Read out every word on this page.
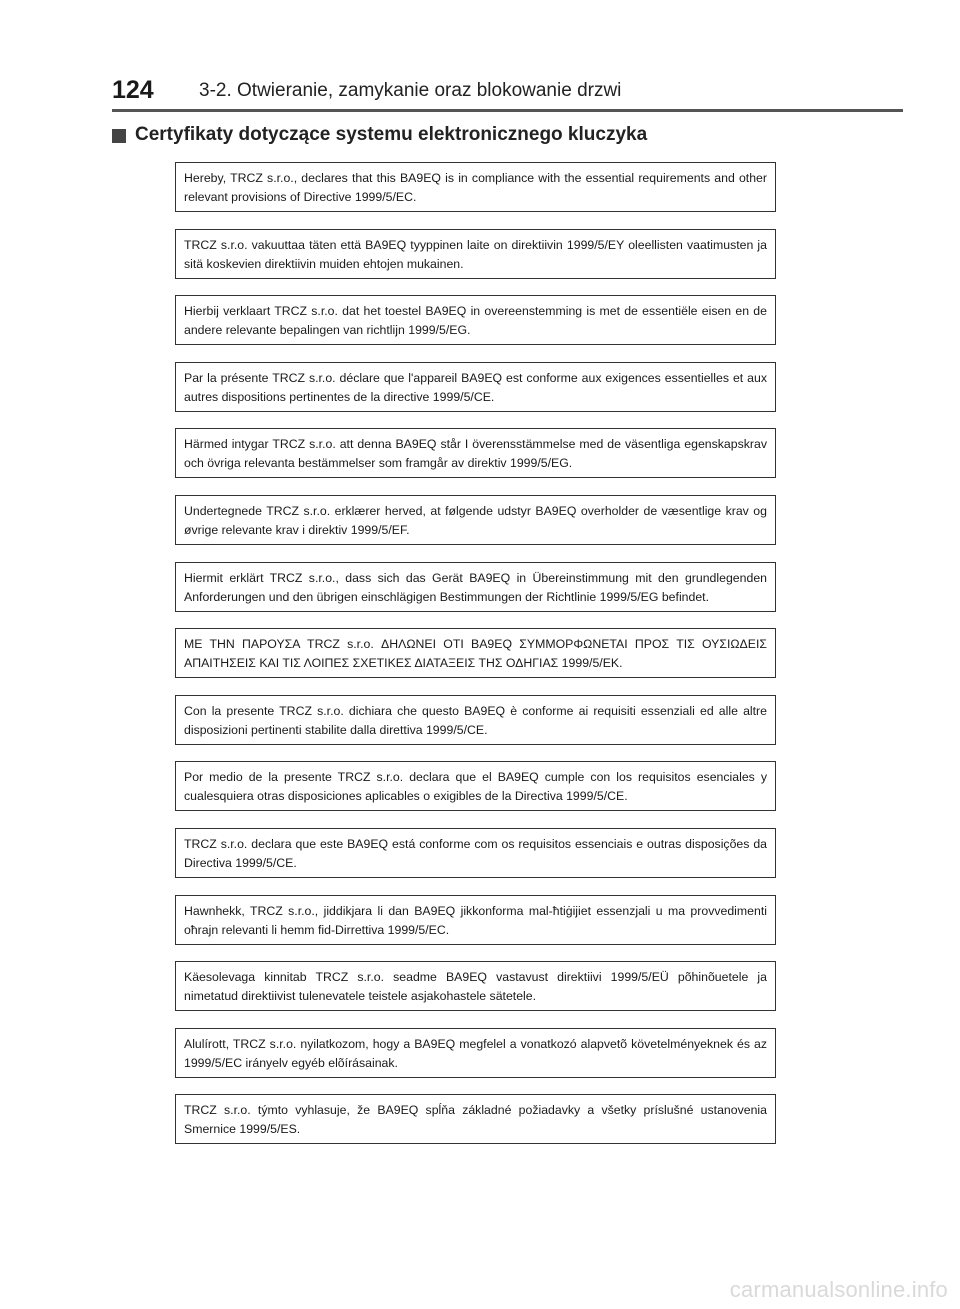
124 3-2. Otwieranie, zamykanie oraz blokowanie drzwi
Certyfikaty dotyczące systemu elektronicznego kluczyka
Hereby, TRCZ s.r.o., declares that this BA9EQ is in compliance with the essential requirements and other relevant provisions of Directive 1999/5/EC.
TRCZ s.r.o. vakuuttaa täten että BA9EQ tyyppinen laite on direktiivin 1999/5/EY oleellisten vaatimusten ja sitä koskevien direktiivin muiden ehtojen mukainen.
Hierbij verklaart TRCZ s.r.o. dat het toestel BA9EQ in overeenstemming is met de essentiële eisen en de andere relevante bepalingen van richtlijn 1999/5/EG.
Par la présente TRCZ s.r.o. déclare que l'appareil BA9EQ est conforme aux exigences essentielles et aux autres dispositions pertinentes de la directive 1999/5/CE.
Härmed intygar TRCZ s.r.o. att denna BA9EQ står I överensstämmelse med de väsentliga egenskapskrav och övriga relevanta bestämmelser som framgår av direktiv 1999/5/EG.
Undertegnede TRCZ s.r.o. erklærer herved, at følgende udstyr BA9EQ overholder de væsentlige krav og øvrige relevante krav i direktiv 1999/5/EF.
Hiermit erklärt TRCZ s.r.o., dass sich das Gerät BA9EQ in Übereinstimmung mit den grundlegenden Anforderungen und den übrigen einschlägigen Bestimmungen der Richtlinie 1999/5/EG befindet.
ΜΕ ΤΗΝ ΠΑΡΟΥΣΑ TRCZ s.r.o. ΔΗΛΩΝΕΙ ΟΤΙ BA9EQ ΣΥΜΜΟΡΦΩΝΕΤΑΙ ΠΡΟΣ ΤΙΣ ΟΥΣΙΩΔΕΙΣ ΑΠΑΙΤΗΣΕΙΣ ΚΑΙ ΤΙΣ ΛΟΙΠΕΣ ΣΧΕΤΙΚΕΣ ΔΙΑΤΑΞΕΙΣ ΤΗΣ ΟΔΗΓΙΑΣ 1999/5/ΕΚ.
Con la presente TRCZ s.r.o. dichiara che questo BA9EQ è conforme ai requisiti essenziali ed alle altre disposizioni pertinenti stabilite dalla direttiva 1999/5/CE.
Por medio de la presente TRCZ s.r.o. declara que el BA9EQ cumple con los requisitos esenciales y cualesquiera otras disposiciones aplicables o exigibles de la Directiva 1999/5/CE.
TRCZ s.r.o. declara que este BA9EQ está conforme com os requisitos essenciais e outras disposições da Directiva 1999/5/CE.
Hawnhekk, TRCZ s.r.o., jiddikjara li dan BA9EQ jikkonforma mal-ħtiġijiet essenzjali u ma provvedimenti oħrajn relevanti li hemm fid-Dirrettiva 1999/5/EC.
Käesolevaga kinnitab TRCZ s.r.o. seadme BA9EQ vastavust direktiivi 1999/5/EÜ põhinõuetele ja nimetatud direktiivist tulenevatele teistele asjakohastele sätetele.
Alulírott, TRCZ s.r.o. nyilatkozom, hogy a BA9EQ megfelel a vonatkozó alapvetõ követelményeknek és az 1999/5/EC irányelv egyéb elõírásainak.
TRCZ s.r.o. týmto vyhlasuje, že BA9EQ spĺňa základné požiadavky a všetky príslušné ustanovenia Smernice 1999/5/ES.
carmanualsonline.info
